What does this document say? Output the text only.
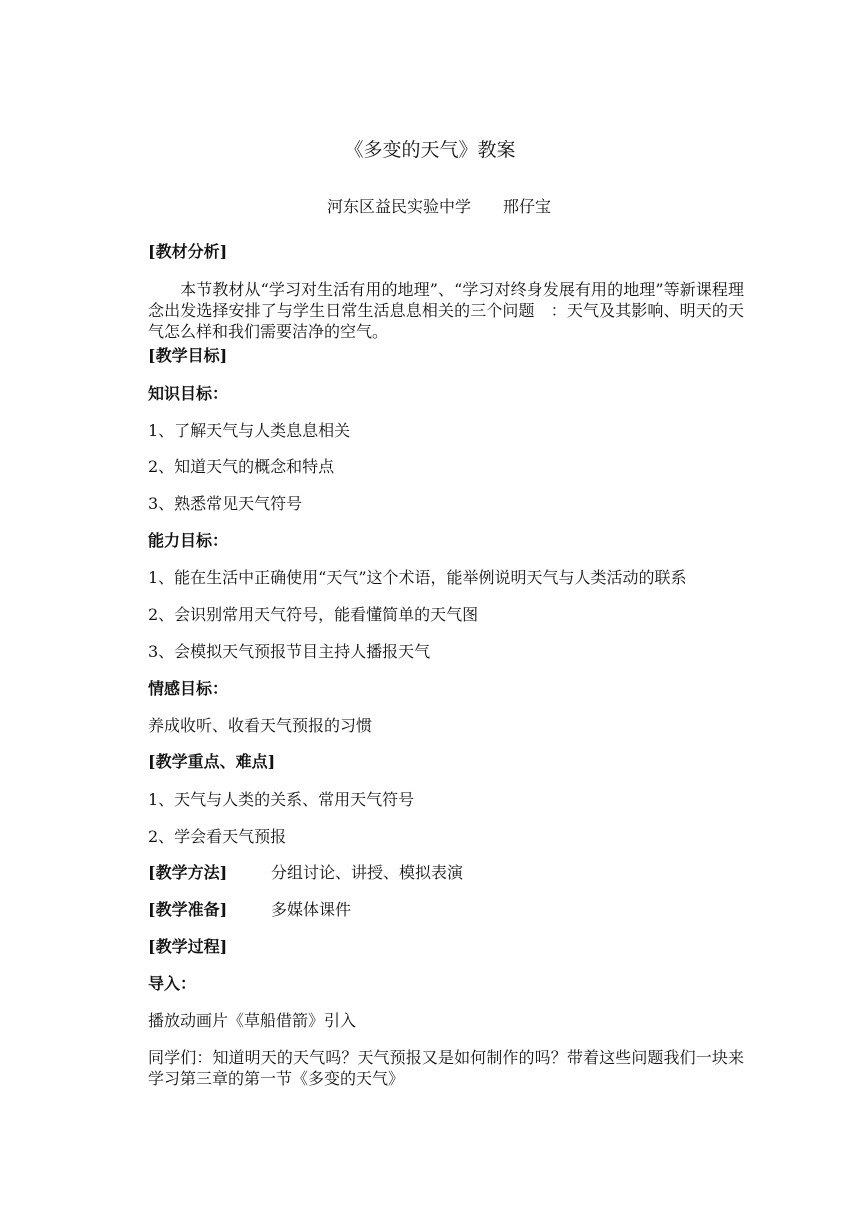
《多变的天气》教案

河东区益民实验中学　　邢仔宝

[教材分析]

　　本节教材从“学习对生活有用的地理”、“学习对终身发展有用的地理”等新课程理念出发选择安排了与学生日常生活息息相关的三个问题　：天气及其影响、明天的天气怎么样和我们需要洁净的空气。

[教学目标]

知识目标：

1、了解天气与人类息息相关

2、知道天气的概念和特点

3、熟悉常见天气符号

能力目标：

1、能在生活中正确使用“天气”这个术语，能举例说明天气与人类活动的联系

2、会识别常用天气符号，能看懂简单的天气图

3、会模拟天气预报节目主持人播报天气

情感目标：

养成收听、收看天气预报的习惯

[教学重点、难点]

1、天气与人类的关系、常用天气符号

2、学会看天气预报

[教学方法]	分组讨论、讲授、模拟表演

[教学准备]	多媒体课件

[教学过程]

导入：

播放动画片《草船借箭》引入

同学们：知道明天的天气吗？天气预报又是如何制作的吗？带着这些问题我们一块来学习第三章的第一节《多变的天气》
